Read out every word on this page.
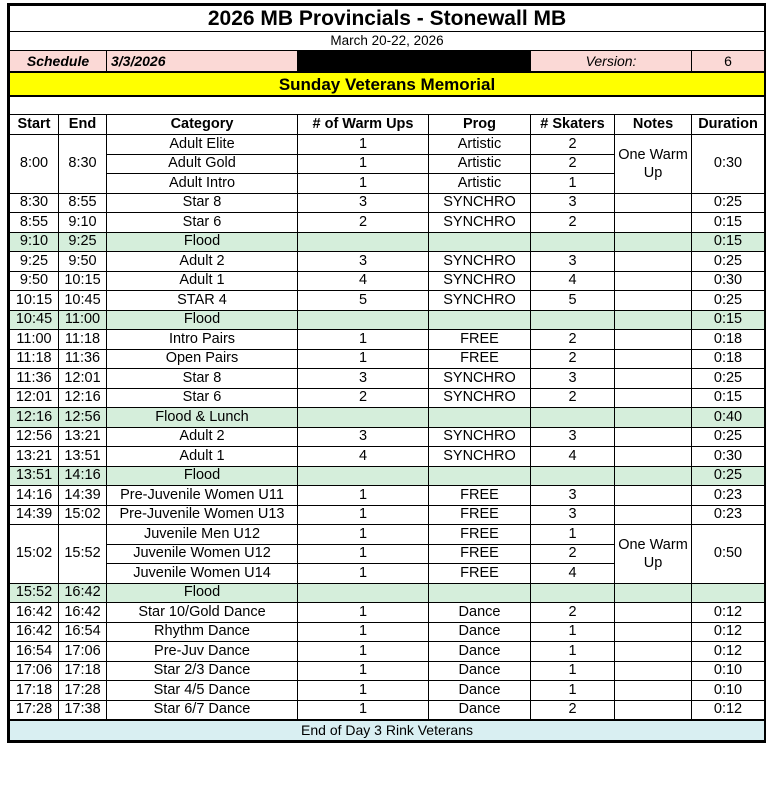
2026 MB Provincials - Stonewall MB							
March 20-22, 2026							
Schedule		3/3/2026			Version:		6
Sunday Veterans Memorial							

Start	End	Category	# of Warm Ups	Prog	# Skaters	Notes	Duration
8:00	8:30	Adult Elite	1	Artistic	2	One Warm Up	0:30
		Adult Gold	1	Artistic	2		
		Adult Intro	1	Artistic	1		
8:30	8:55	Star 8	3	SYNCHRO	3		0:25
8:55	9:10	Star 6	2	SYNCHRO	2		0:15
9:10	9:25	Flood					0:15
9:25	9:50	Adult 2	3	SYNCHRO	3		0:25
9:50	10:15	Adult 1	4	SYNCHRO	4		0:30
10:15	10:45	STAR 4	5	SYNCHRO	5		0:25
10:45	11:00	Flood					0:15
11:00	11:18	Intro Pairs	1	FREE	2		0:18
11:18	11:36	Open Pairs	1	FREE	2		0:18
11:36	12:01	Star 8	3	SYNCHRO	3		0:25
12:01	12:16	Star 6	2	SYNCHRO	2		0:15
12:16	12:56	Flood & Lunch					0:40
12:56	13:21	Adult 2	3	SYNCHRO	3		0:25
13:21	13:51	Adult 1	4	SYNCHRO	4		0:30
13:51	14:16	Flood					0:25
14:16	14:39	Pre-Juvenile Women U11	1	FREE	3		0:23
14:39	15:02	Pre-Juvenile Women U13	1	FREE	3		0:23
15:02	15:52	Juvenile Men U12	1	FREE	1	One Warm Up	0:50
		Juvenile Women U12	1	FREE	2		
		Juvenile Women U14	1	FREE	4		
15:52	16:42	Flood					
16:42	16:42	Star 10/Gold Dance	1	Dance	2		0:12
16:42	16:54	Rhythm Dance	1	Dance	1		0:12
16:54	17:06	Pre-Juv Dance	1	Dance	1		0:12
17:06	17:18	Star 2/3 Dance	1	Dance	1		0:10
17:18	17:28	Star 4/5 Dance	1	Dance	1		0:10
17:28	17:38	Star 6/7 Dance	1	Dance	2		0:12
End of Day 3 Rink Veterans							
